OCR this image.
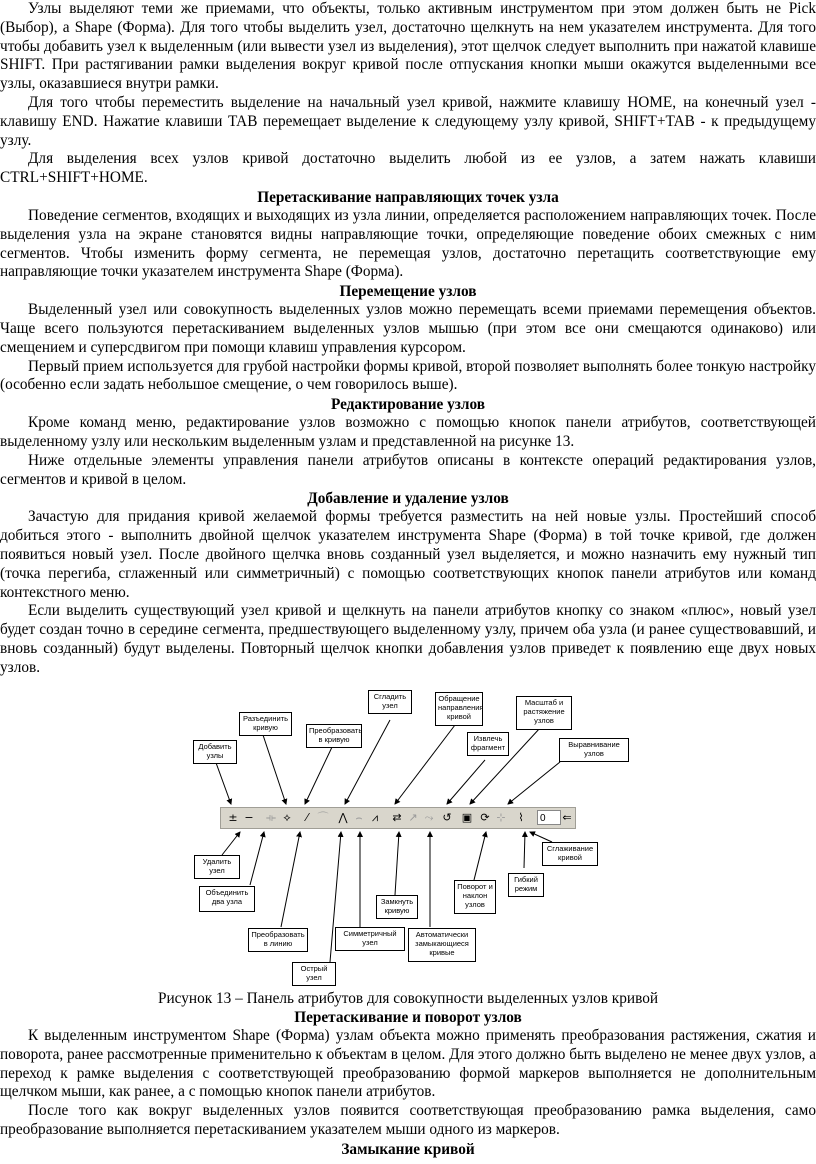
Узлы выделяют теми же приемами, что объекты, только активным инструментом при этом должен быть не Pick (Выбор), а Shape (Форма). Для того чтобы выделить узел, достаточно щелкнуть на нем указателем инструмента. Для того чтобы добавить узел к выделенным (или вывести узел из выделения), этот щелчок следует выполнить при нажатой клавише SHIFT. При растягивании рамки выделения вокруг кривой после отпускания кнопки мыши окажутся выделенными все узлы, оказавшиеся внутри рамки.

Для того чтобы переместить выделение на начальный узел кривой, нажмите клавишу HOME, на конечный узел - клавишу END. Нажатие клавиши TAB перемещает выделение к следующему узлу кривой, SHIFT+TAB - к предыдущему узлу.

Для выделения всех узлов кривой достаточно выделить любой из ее узлов, а затем нажать клавиши CTRL+SHIFT+HOME.

Перетаскивание направляющих точек узла

Поведение сегментов, входящих и выходящих из узла линии, определяется расположением направляющих точек. После выделения узла на экране становятся видны направляющие точки, определяющие поведение обоих смежных с ним сегментов. Чтобы изменить форму сегмента, не перемещая узлов, достаточно перетащить соответствующие ему направляющие точки указателем инструмента Shape (Форма).

Перемещение узлов

Выделенный узел или совокупность выделенных узлов можно перемещать всеми приемами перемещения объектов. Чаще всего пользуются перетаскиванием выделенных узлов мышью (при этом все они смещаются одинаково) или смещением и суперсдвигом при помощи клавиш управления курсором.

Первый прием используется для грубой настройки формы кривой, второй позволяет выполнять более тонкую настройку (особенно если задать небольшое смещение, о чем говорилось выше).

Редактирование узлов

Кроме команд меню, редактирование узлов возможно с помощью кнопок панели атрибутов, соответствующей выделенному узлу или нескольким выделенным узлам и представленной на рисунке 13.

Ниже отдельные элементы управления панели атрибутов описаны в контексте операций редактирования узлов, сегментов и кривой в целом.

Добавление и удаление узлов

Зачастую для придания кривой желаемой формы требуется разместить на ней новые узлы. Простейший способ добиться этого - выполнить двойной щелчок указателем инструмента Shape (Форма) в той точке кривой, где должен появиться новый узел. После двойного щелчка вновь созданный узел выделяется, и можно назначить ему нужный тип (точка перегиба, сглаженный или симметричный) с помощью соответствующих кнопок панели атрибутов или команд контекстного меню.

Если выделить существующий узел кривой и щелкнуть на панели атрибутов кнопку со знаком «плюс», новый узел будет создан точно в середине сегмента, предшествующего выделенному узлу, причем оба узла (и ранее существовавший, и вновь созданный) будут выделены. Повторный щелчок кнопки добавления узлов приведет к появлению еще двух новых узлов.

Добавить узлы
Разъединить кривую	Преобразовать в кривую
Сгладить узел
Обращение направления кривой
Извлечь фрагмент
Масштаб и растяжение узлов
Выравнивание узлов
± −	⟛ ⟡	⁄ ⌒ ⋀ ⌢ ⩘	⇄ ↗ ⤳ ↺ ▣ ⟳ ⊹	⌇	0	⇐
Удалить узел
Объединить два узла
Преобразовать в линию
Острый узел
Симметричный узел
Замкнуть кривую
Автоматически замыкающиеся кривые
Поворот и наклон узлов
Гибкий режим
Сглаживание кривой
Рисунок 13 – Панель атрибутов для совокупности выделенных узлов кривой
Перетаскивание и поворот узлов

К выделенным инструментом Shape (Форма) узлам объекта можно применять преобразования растяжения, сжатия и поворота, ранее рассмотренные применительно к объектам в целом. Для этого должно быть выделено не менее двух узлов, а переход к рамке выделения с соответствующей преобразованию формой маркеров выполняется не дополнительным щелчком мыши, как ранее, а с помощью кнопок панели атрибутов.

После того как вокруг выделенных узлов появится соответствующая преобразованию рамка выделения, само преобразование выполняется перетаскиванием указателем мыши одного из маркеров.

Замыкание кривой
